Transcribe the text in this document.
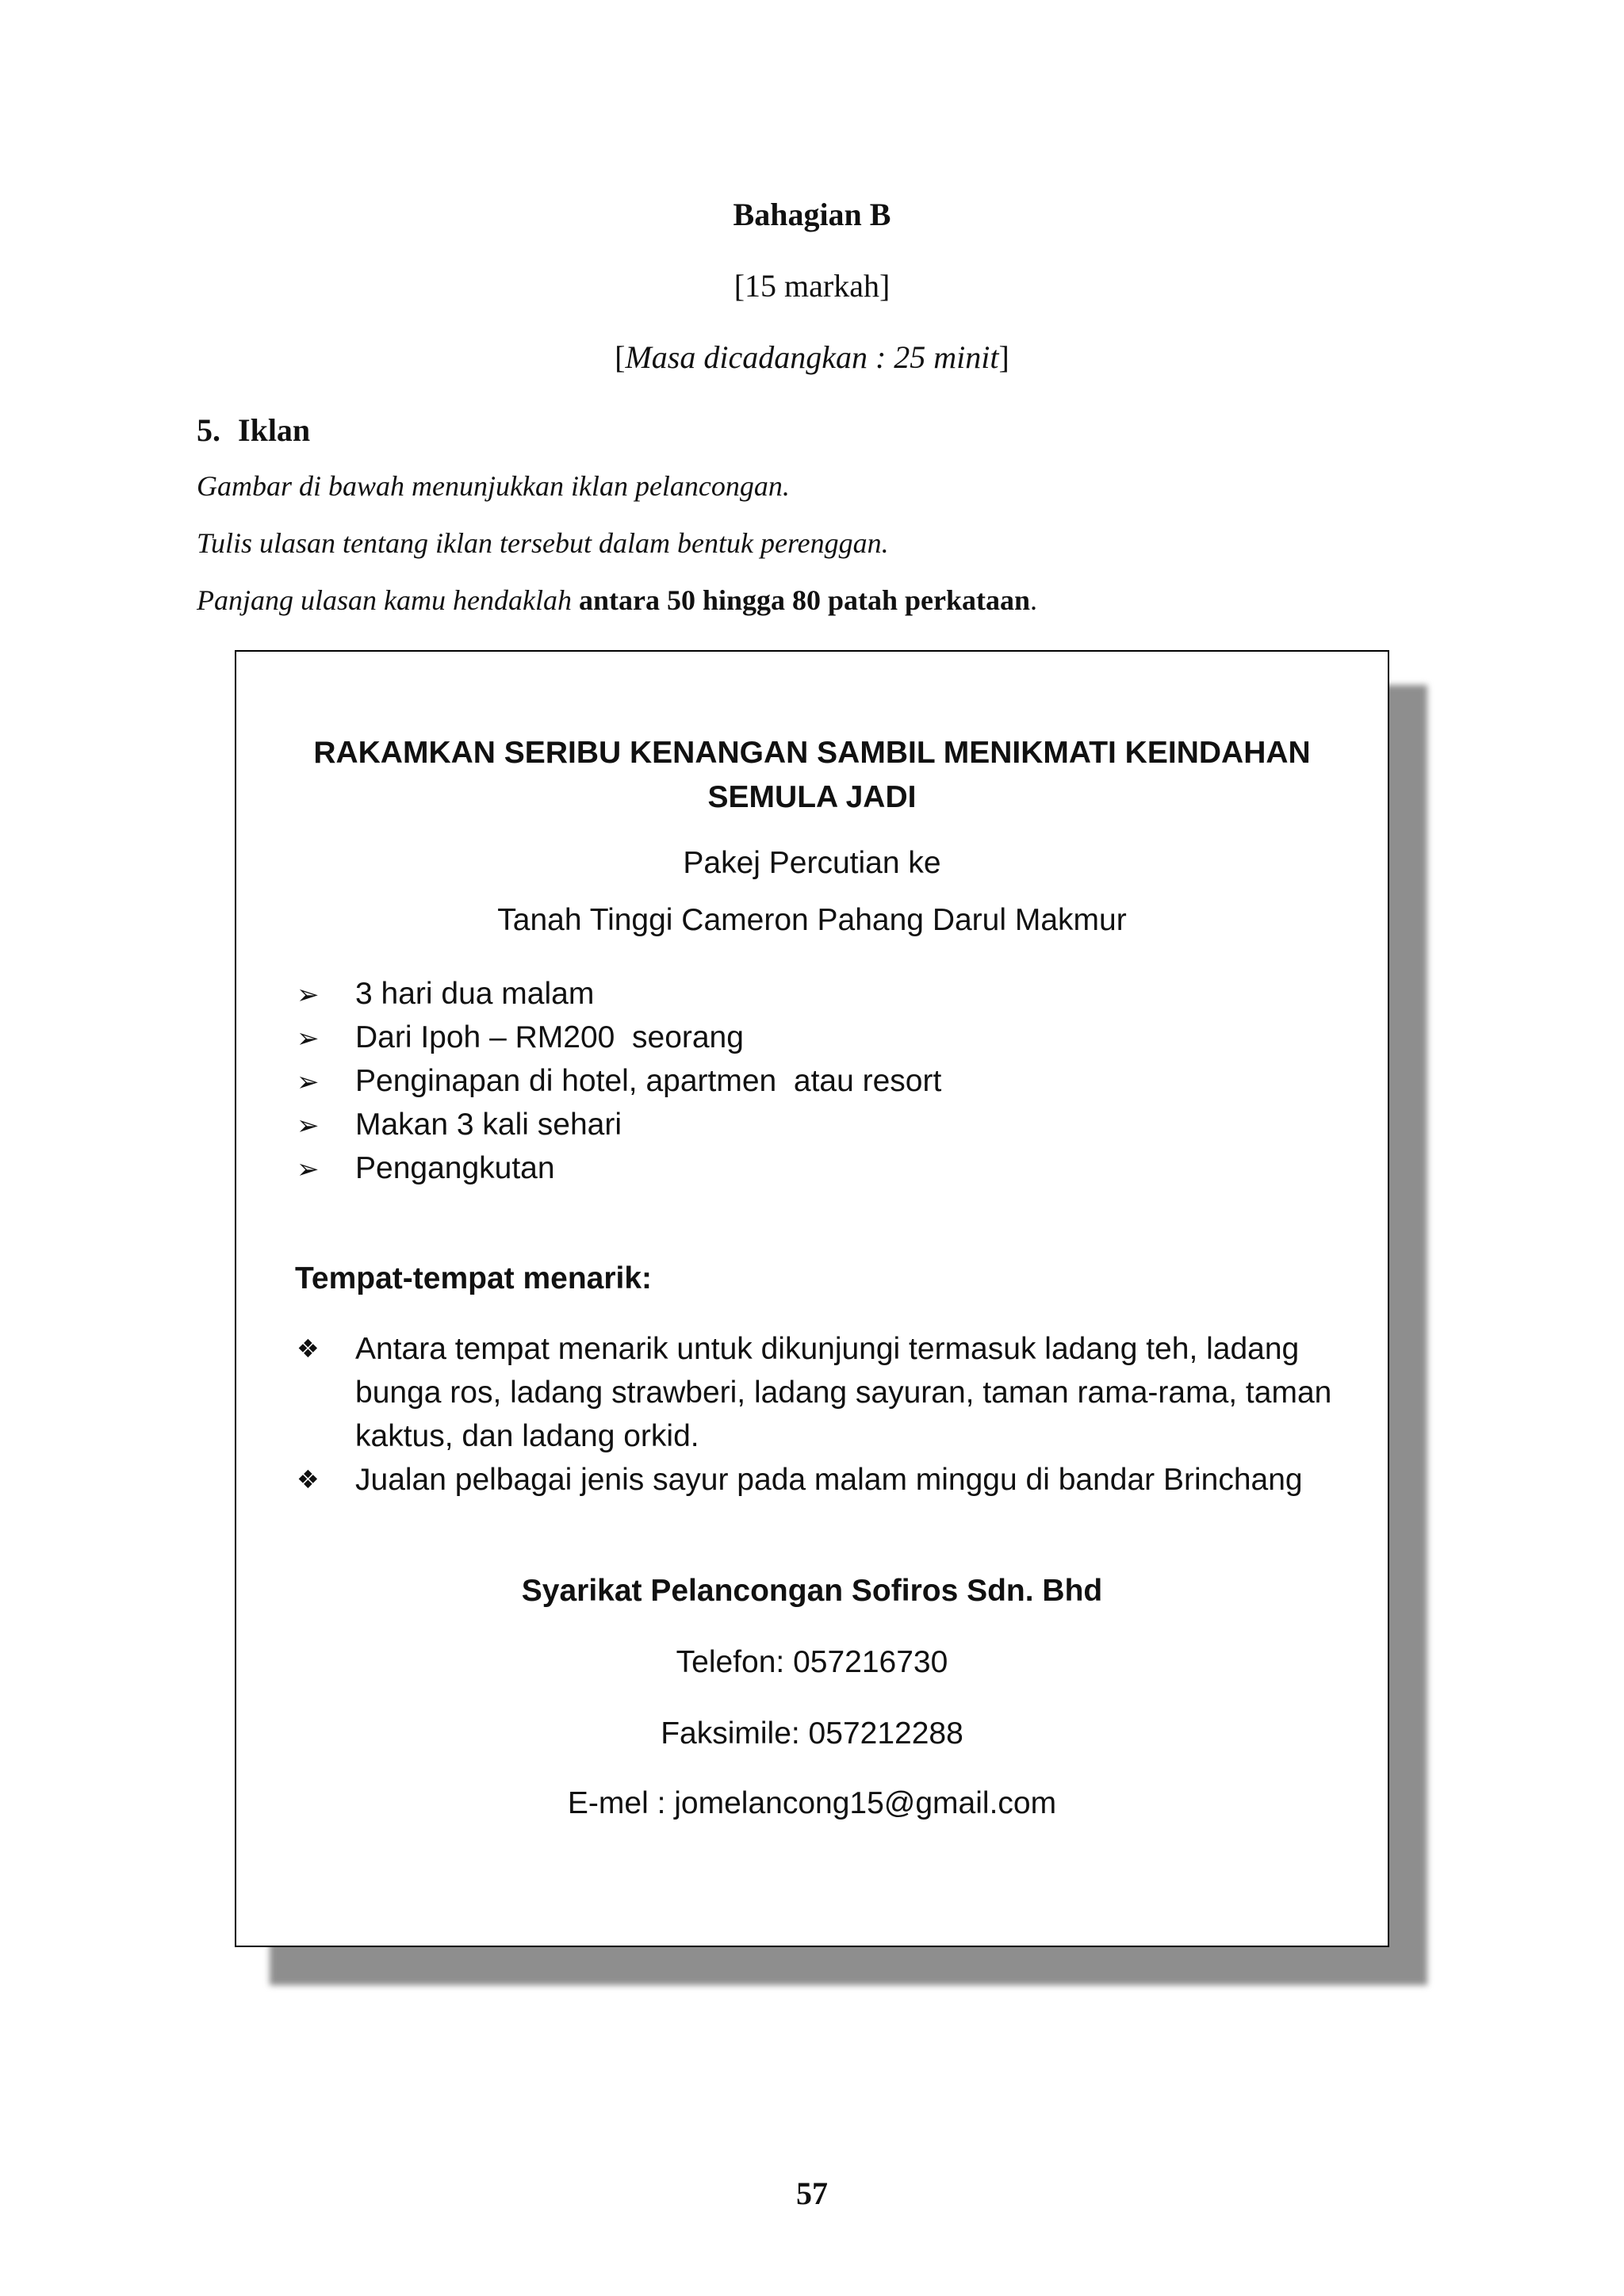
Bahagian B
[15 markah]
[Masa dicadangkan : 25 minit]
5. Iklan
Gambar di bawah menunjukkan iklan pelancongan.
Tulis ulasan tentang iklan tersebut dalam bentuk perenggan.
Panjang ulasan kamu hendaklah antara 50 hingga 80 patah perkataan.
RAKAMKAN SERIBU KENANGAN SAMBIL MENIKMATI KEINDAHAN SEMULA JADI
Pakej Percutian ke
Tanah Tinggi Cameron Pahang Darul Makmur
➢ 3 hari dua malam
➢ Dari Ipoh – RM200  seorang
➢ Penginapan di hotel, apartmen  atau resort
➢ Makan 3 kali sehari
➢ Pengangkutan
Tempat-tempat menarik:
❖ Antara tempat menarik untuk dikunjungi termasuk ladang teh, ladang bunga ros, ladang strawberi, ladang sayuran, taman rama-rama, taman kaktus, dan ladang orkid.
❖ Jualan pelbagai jenis sayur pada malam minggu di bandar Brinchang
Syarikat Pelancongan Sofiros Sdn. Bhd
Telefon: 057216730
Faksimile: 057212288
E-mel : jomelancong15@gmail.com
57
